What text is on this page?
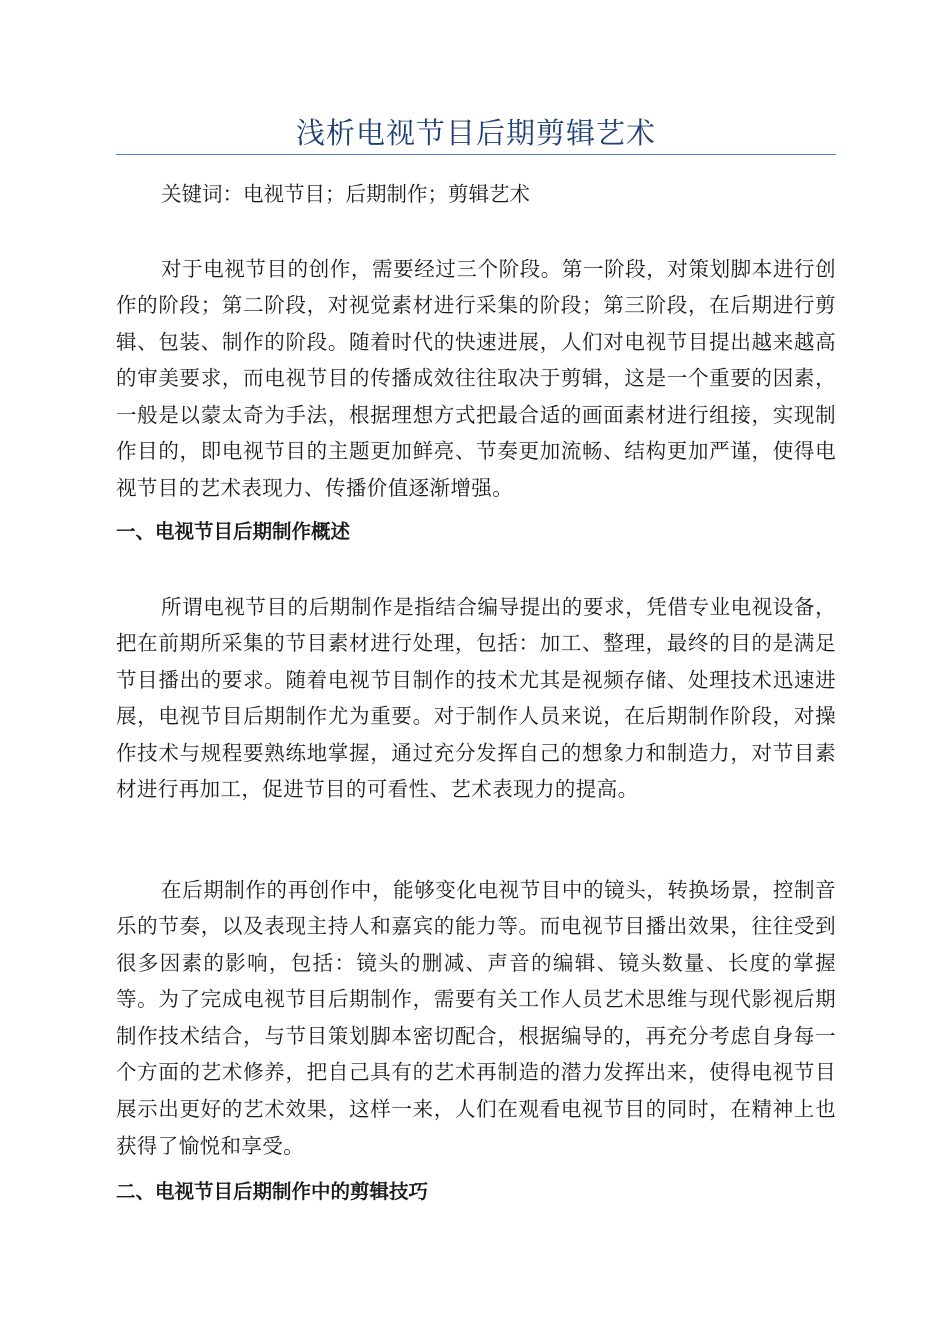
浅析电视节目后期剪辑艺术
关键词：电视节目；后期制作；剪辑艺术

对于电视节目的创作，需要经过三个阶段。第一阶段，对策划脚本进行创作的阶段；第二阶段，对视觉素材进行采集的阶段；第三阶段，在后期进行剪辑、包装、制作的阶段。随着时代的快速进展，人们对电视节目提出越来越高的审美要求，而电视节目的传播成效往往取决于剪辑，这是一个重要的因素，一般是以蒙太奇为手法，根据理想方式把最合适的画面素材进行组接，实现制作目的，即电视节目的主题更加鲜亮、节奏更加流畅、结构更加严谨，使得电视节目的艺术表现力、传播价值逐渐增强。

一、电视节目后期制作概述

所谓电视节目的后期制作是指结合编导提出的要求，凭借专业电视设备，把在前期所采集的节目素材进行处理，包括：加工、整理，最终的目的是满足节目播出的要求。随着电视节目制作的技术尤其是视频存储、处理技术迅速进展，电视节目后期制作尤为重要。对于制作人员来说，在后期制作阶段，对操作技术与规程要熟练地掌握，通过充分发挥自己的想象力和制造力，对节目素材进行再加工，促进节目的可看性、艺术表现力的提高。

在后期制作的再创作中，能够变化电视节目中的镜头，转换场景，控制音乐的节奏，以及表现主持人和嘉宾的能力等。而电视节目播出效果，往往受到很多因素的影响，包括：镜头的删减、声音的编辑、镜头数量、长度的掌握等。为了完成电视节目后期制作，需要有关工作人员艺术思维与现代影视后期制作技术结合，与节目策划脚本密切配合，根据编导的，再充分考虑自身每一个方面的艺术修养，把自己具有的艺术再制造的潜力发挥出来，使得电视节目展示出更好的艺术效果，这样一来，人们在观看电视节目的同时，在精神上也获得了愉悦和享受。

二、电视节目后期制作中的剪辑技巧
